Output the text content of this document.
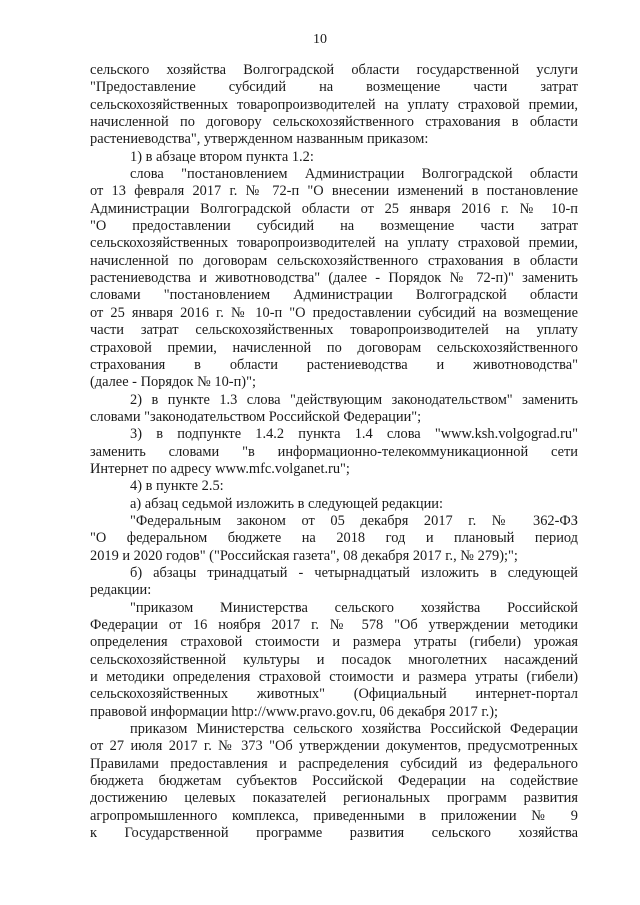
10
сельского хозяйства Волгоградской области государственной услуги
"Предоставление субсидий на возмещение части затрат
сельскохозяйственных товаропроизводителей на уплату страховой премии,
начисленной по договору сельскохозяйственного страхования в области
растениеводства", утвержденном названным приказом:
1) в абзаце втором пункта 1.2:
слова "постановлением Администрации Волгоградской области
от 13 февраля 2017 г. № 72-п "О внесении изменений в постановление
Администрации Волгоградской области от 25 января 2016 г. № 10-п
"О предоставлении субсидий на возмещение части затрат
сельскохозяйственных товаропроизводителей на уплату страховой премии,
начисленной по договорам сельскохозяйственного страхования в области
растениеводства и животноводства" (далее - Порядок № 72-п)" заменить
словами "постановлением Администрации Волгоградской области
от 25 января 2016 г. № 10-п "О предоставлении субсидий на возмещение
части затрат сельскохозяйственных товаропроизводителей на уплату
страховой премии, начисленной по договорам сельскохозяйственного
страхования в области растениеводства и животноводства"
(далее - Порядок № 10-п)";
2) в пункте 1.3 слова "действующим законодательством" заменить
словами "законодательством Российской Федерации";
3) в подпункте 1.4.2 пункта 1.4 слова "www.ksh.volgograd.ru"
заменить словами "в информационно-телекоммуникационной сети
Интернет по адресу www.mfc.volganet.ru";
4) в пункте 2.5:
а) абзац седьмой изложить в следующей редакции:
"Федеральным законом от 05 декабря 2017 г. № 362-ФЗ
"О федеральном бюджете на 2018 год и плановый период
2019 и 2020 годов" ("Российская газета", 08 декабря 2017 г., № 279);";
б) абзацы тринадцатый - четырнадцатый изложить в следующей
редакции:
"приказом Министерства сельского хозяйства Российской
Федерации от 16 ноября 2017 г. № 578 "Об утверждении методики
определения страховой стоимости и размера утраты (гибели) урожая
сельскохозяйственной культуры и посадок многолетних насаждений
и методики определения страховой стоимости и размера утраты (гибели)
сельскохозяйственных животных" (Официальный интернет-портал
правовой информации http://www.pravo.gov.ru, 06 декабря 2017 г.);
приказом Министерства сельского хозяйства Российской Федерации
от 27 июля 2017 г. № 373 "Об утверждении документов, предусмотренных
Правилами предоставления и распределения субсидий из федерального
бюджета бюджетам субъектов Российской Федерации на содействие
достижению целевых показателей региональных программ развития
агропромышленного комплекса, приведенными в приложении № 9
к Государственной программе развития сельского хозяйства
